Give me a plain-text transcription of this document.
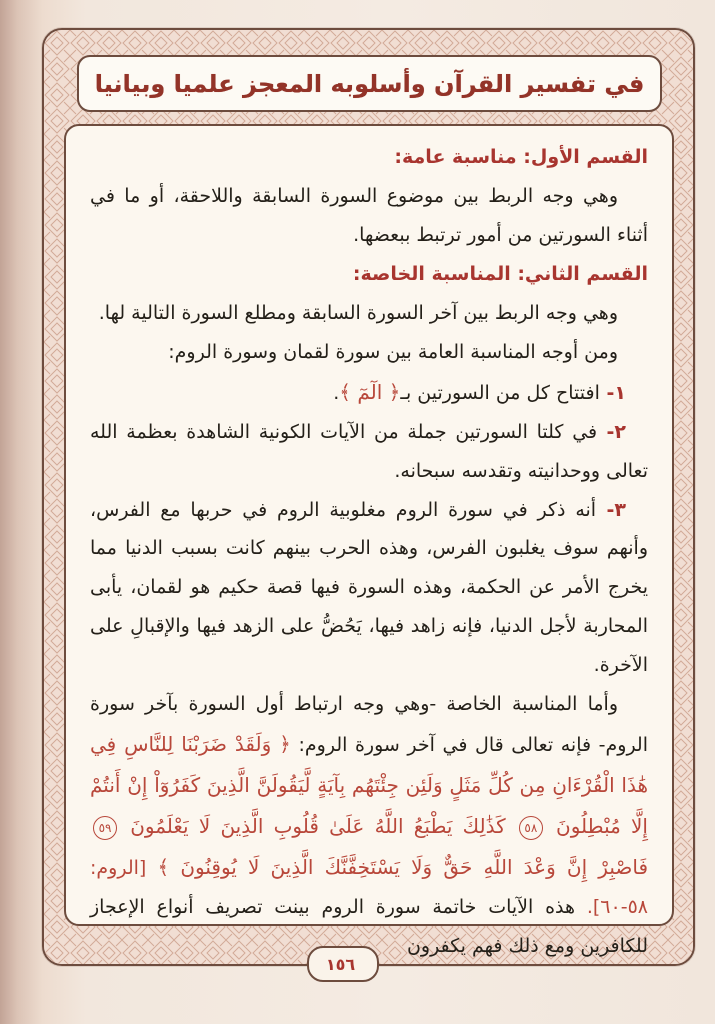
في تفسير القرآن وأسلوبه المعجز علميا وبيانيا

القسم الأول: مناسبة عامة:

وهي وجه الربط بين موضوع السورة السابقة واللاحقة، أو ما في أثناء السورتين من أمور ترتبط ببعضها.

القسم الثاني: المناسبة الخاصة:

وهي وجه الربط بين آخر السورة السابقة ومطلع السورة التالية لها.

ومن أوجه المناسبة العامة بين سورة لقمان وسورة الروم:

١- افتتاح كل من السورتين بـ﴿ الٓمٓ ﴾.

٢- في كلتا السورتين جملة من الآيات الكونية الشاهدة بعظمة الله تعالى ووحدانيته وتقدسه سبحانه.

٣- أنه ذكر في سورة الروم مغلوبية الروم في حربها مع الفرس، وأنهم سوف يغلبون الفرس، وهذه الحرب بينهم كانت بسبب الدنيا مما يخرج الأمر عن الحكمة، وهذه السورة فيها قصة حكيم هو لقمان، يأبى المحاربة لأجل الدنيا، فإنه زاهد فيها، يَحُضُّ على الزهد فيها والإقبالِ على الآخرة.

وأما المناسبة الخاصة -وهي وجه ارتباط أول السورة بآخر سورة الروم- فإنه تعالى قال في آخر سورة الروم: ﴿ وَلَقَدْ ضَرَبْنَا لِلنَّاسِ فِي هَٰذَا الْقُرْءَانِ مِن كُلِّ مَثَلٍ وَلَئِن جِئْتَهُم بِآيَةٍ لَّيَقُولَنَّ الَّذِينَ كَفَرُوٓاْ إِنْ أَنتُمْ إِلَّا مُبْطِلُونَ ٥٨ كَذَٰلِكَ يَطْبَعُ اللَّهُ عَلَىٰ قُلُوبِ الَّذِينَ لَا يَعْلَمُونَ ٥٩ فَاصْبِرْ إِنَّ وَعْدَ اللَّهِ حَقٌّ وَلَا يَسْتَخِفَّنَّكَ الَّذِينَ لَا يُوقِنُونَ ﴾ [الروم: ٥٨-٦٠]. هذه الآيات خاتمة سورة الروم بينت تصريف أنواع الإعجاز للكافرين ومع ذلك فهم يكفرون

١٥٦
